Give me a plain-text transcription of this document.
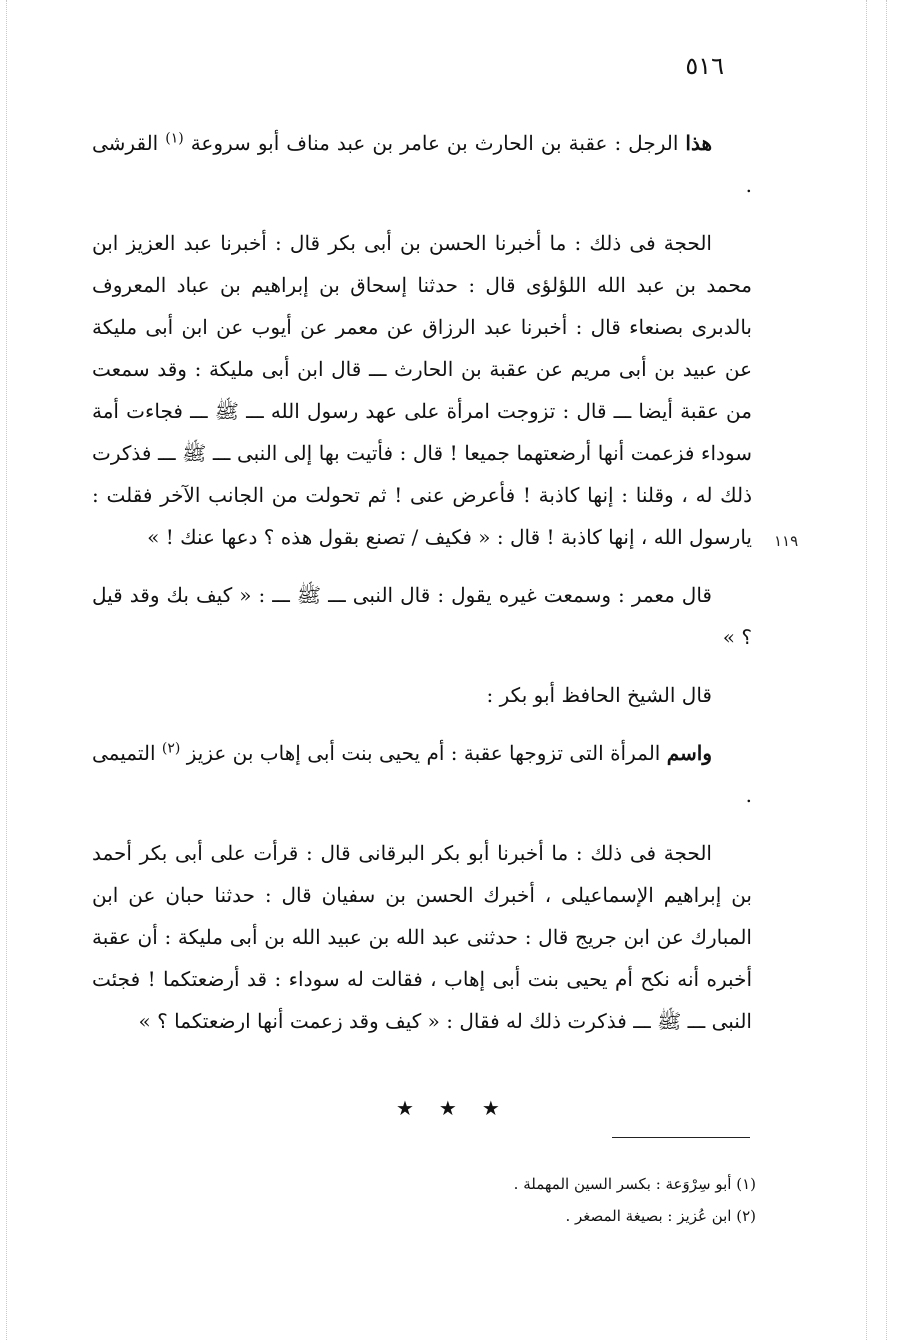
٥١٦
١١٩

هذا الرجل : عقبة بن الحارث بن عامر بن عبد مناف أبو سروعة $^{(١)}$ القرشى .

الحجة فى ذلك : ما أخبرنا الحسن بن أبى بكر قال : أخبرنا عبد العزيز ابن محمد بن عبد الله اللؤلؤى قال : حدثنا إسحاق بن إبراهيم بن عباد المعروف بالدبرى بصنعاء قال : أخبرنا عبد الرزاق عن معمر عن أيوب عن ابن أبى مليكة عن عبيد بن أبى مريم عن عقبة بن الحارث ـــ قال ابن أبى مليكة : وقد سمعت من عقبة أيضا ـــ قال : تزوجت امرأة على عهد رسول الله ـــ ﷺ ـــ فجاءت أمة سوداء فزعمت أنها أرضعتهما جميعا ! قال : فأتيت بها إلى النبى ـــ ﷺ ـــ فذكرت ذلك له ، وقلنا : إنها كاذبة ! فأعرض عنى ! ثم تحولت من الجانب الآخر فقلت : يارسول الله ، إنها كاذبة ! قال : « فكيف / تصنع بقول هذه ؟ دعها عنك ! »

قال معمر : وسمعت غيره يقول : قال النبى ـــ ﷺ ـــ : « كيف بك وقد قيل ؟ »

قال الشيخ الحافظ أبو بكر :

واسم المرأة التى تزوجها عقبة : أم يحيى بنت أبى إهاب بن عزيز $^{(٢)}$ التميمى .

الحجة فى ذلك : ما أخبرنا أبو بكر البرقانى قال : قرأت على أبى بكر أحمد بن إبراهيم الإسماعيلى ، أخبرك الحسن بن سفيان قال : حدثنا حبان عن ابن المبارك عن ابن جريج قال : حدثنى عبد الله بن عبيد الله بن أبى مليكة : أن عقبة أخبره أنه نكح أم يحيى بنت أبى إهاب ، فقالت له سوداء : قد أرضعتكما ! فجئت النبى ـــ ﷺ ـــ فذكرت ذلك له فقال : « كيف وقد زعمت أنها ارضعتكما ؟ »

★ ★ ★
(١) أبو سِرْوَعة : بكسر السين المهملة .
(٢) ابن عُزيز : بصيغة المصغر .
